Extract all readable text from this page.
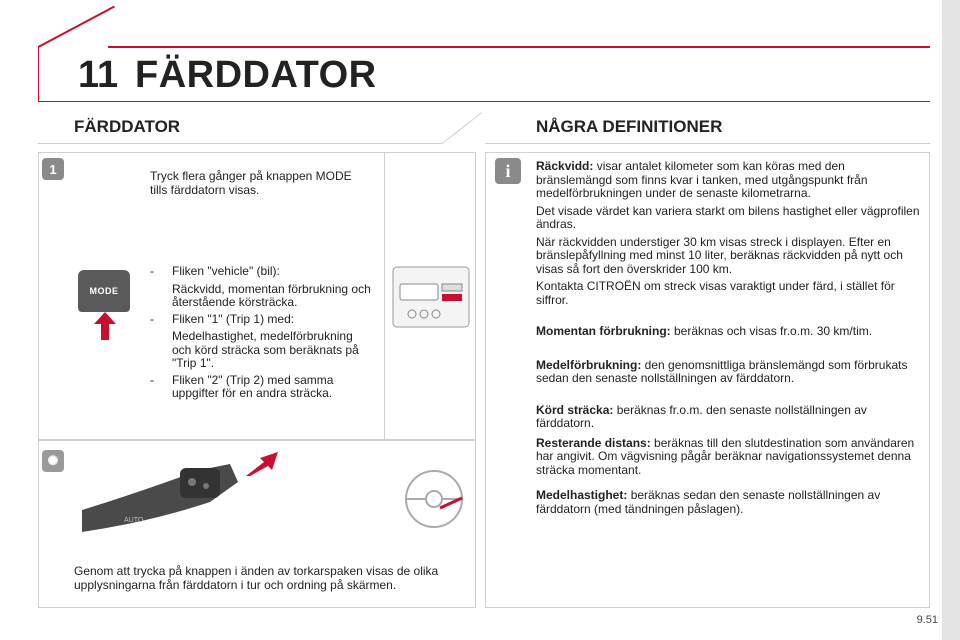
11 FÄRDDATOR
FÄRDDATOR
1	Tryck flera gånger på knappen MODE tills färddatorn visas.
MODE
- Fliken "vehicle" (bil):
Räckvidd, momentan förbrukning och återstående körsträcka.
- Fliken "1" (Trip 1) med:
Medelhastighet, medelförbrukning och körd sträcka som beräknats på "Trip 1".
- Fliken "2" (Trip 2) med samma uppgifter för en andra sträcka.
✺
AUTO
Genom att trycka på knappen i änden av torkarspaken visas de olika upplysningarna från färddatorn i tur och ordning på skärmen.
NÅGRA DEFINITIONER
i	Räckvidd: visar antalet kilometer som kan köras med den bränslemängd som finns kvar i tanken, med utgångspunkt från medelförbrukningen under de senaste kilometrarna.

Det visade värdet kan variera starkt om bilens hastighet eller vägprofilen ändras.

När räckvidden understiger 30 km visas streck i displayen. Efter en bränslepåfyllning med minst 10 liter, beräknas räckvidden på nytt och visas så fort den överskrider 100 km.

Kontakta CITROËN om streck visas varaktigt under färd, i stället för siffror.

Momentan förbrukning: beräknas och visas fr.o.m. 30 km/tim.

Medelförbrukning: den genomsnittliga bränslemängd som förbrukats sedan den senaste nollställningen av färddatorn.

Körd sträcka: beräknas fr.o.m. den senaste nollställningen av färddatorn.

Resterande distans: beräknas till den slutdestination som användaren har angivit. Om vägvisning pågår beräknar navigationssystemet denna sträcka momentant.

Medelhastighet: beräknas sedan den senaste nollställningen av färddatorn (med tändningen påslagen).

9.51
